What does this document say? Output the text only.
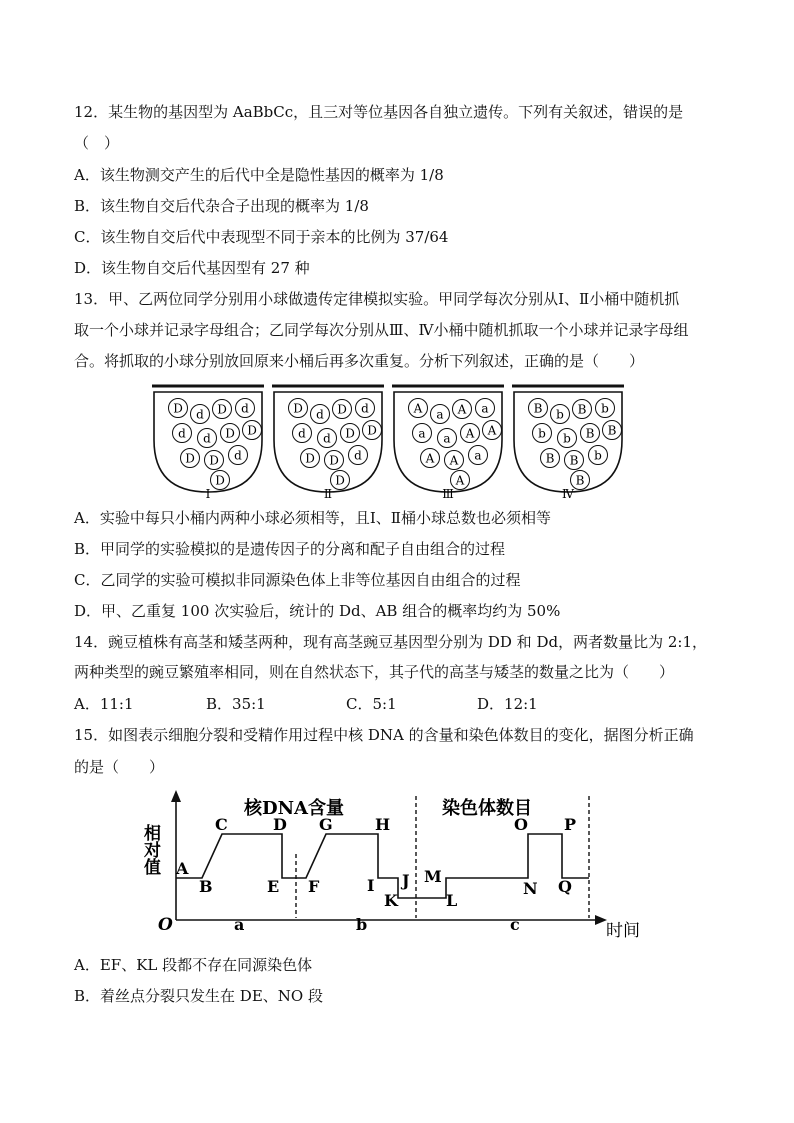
12．某生物的基因型为 AaBbCc，且三对等位基因各自独立遗传。下列有关叙述，错误的是
（　）
A．该生物测交产生的后代中全是隐性基因的概率为 1/8
B．该生物自交后代杂合子出现的概率为 1/8
C．该生物自交后代中表现型不同于亲本的比例为 37/64
D．该生物自交后代基因型有 27 种
13．甲、乙两位同学分别用小球做遗传定律模拟实验。甲同学每次分别从Ⅰ、Ⅱ小桶中随机抓
取一个小球并记录字母组合；乙同学每次分别从Ⅲ、Ⅳ小桶中随机抓取一个小球并记录字母组
合。将抓取的小球分别放回原来小桶后再多次重复。分析下列叙述，正确的是（　　）
D d D d
d d D D
D D d
D
Ⅰ
D d D d
d d D D
D D d
D
Ⅱ
A a A a
a a A A
A A a
A
Ⅲ
B b B b
b b B B
B B b
B
Ⅳ
A．实验中每只小桶内两种小球必须相等，且Ⅰ、Ⅱ桶小球总数也必须相等
B．甲同学的实验模拟的是遗传因子的分离和配子自由组合的过程
C．乙同学的实验可模拟非同源染色体上非等位基因自由组合的过程
D．甲、乙重复 100 次实验后，统计的 Dd、AB 组合的概率均约为 50%
14．豌豆植株有高茎和矮茎两种，现有高茎豌豆基因型分别为 DD 和 Dd，两者数量比为 2:1，
两种类型的豌豆繁殖率相同，则在自然状态下，其子代的高茎与矮茎的数量之比为（　　）
A．11:1	B．35:1	C．5:1	D．12:1
15．如图表示细胞分裂和受精作用过程中核 DNA 的含量和染色体数目的变化，据图分析正确
的是（　　）
相对值
O	时间
核DNA含量	染色体数目
A
B
C	D
E F
G	H
I J
K	L
M
N
O P
Q
a	b	c
A．EF、KL 段都不存在同源染色体
B．着丝点分裂只发生在 DE、NO 段
